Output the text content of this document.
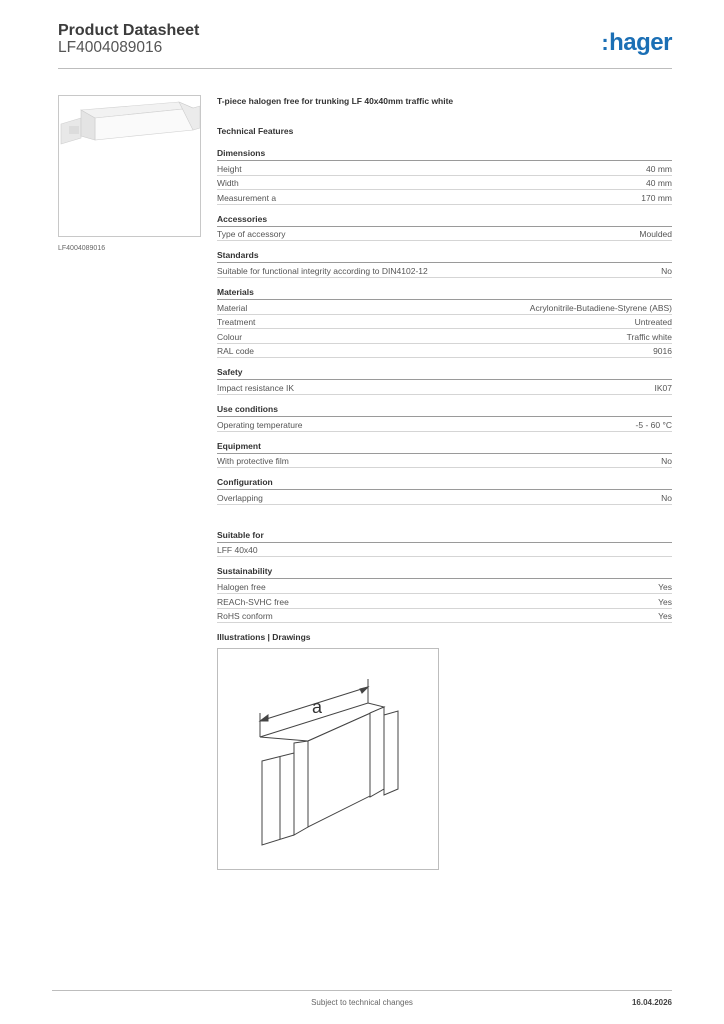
Product Datasheet
LF4004089016	:hager
LF4004089016
T-piece halogen free for trunking LF 40x40mm traffic white
Technical Features
Dimensions
Height	40 mm
Width	40 mm
Measurement a	170 mm
Accessories
Type of accessory	Moulded
Standards
Suitable for functional integrity according to DIN4102-12	No
Materials
Material	Acrylonitrile-Butadiene-Styrene (ABS)
Treatment	Untreated
Colour	Traffic white
RAL code	9016
Safety
Impact resistance IK	IK07
Use conditions
Operating temperature	-5 - 60 °C
Equipment
With protective film	No
Configuration
Overlapping	No
Suitable for
LFF 40x40
Sustainability
Halogen free	Yes
REACh-SVHC free	Yes
RoHS conform	Yes
Illustrations | Drawings
a
Subject to technical changes	16.04.2026
